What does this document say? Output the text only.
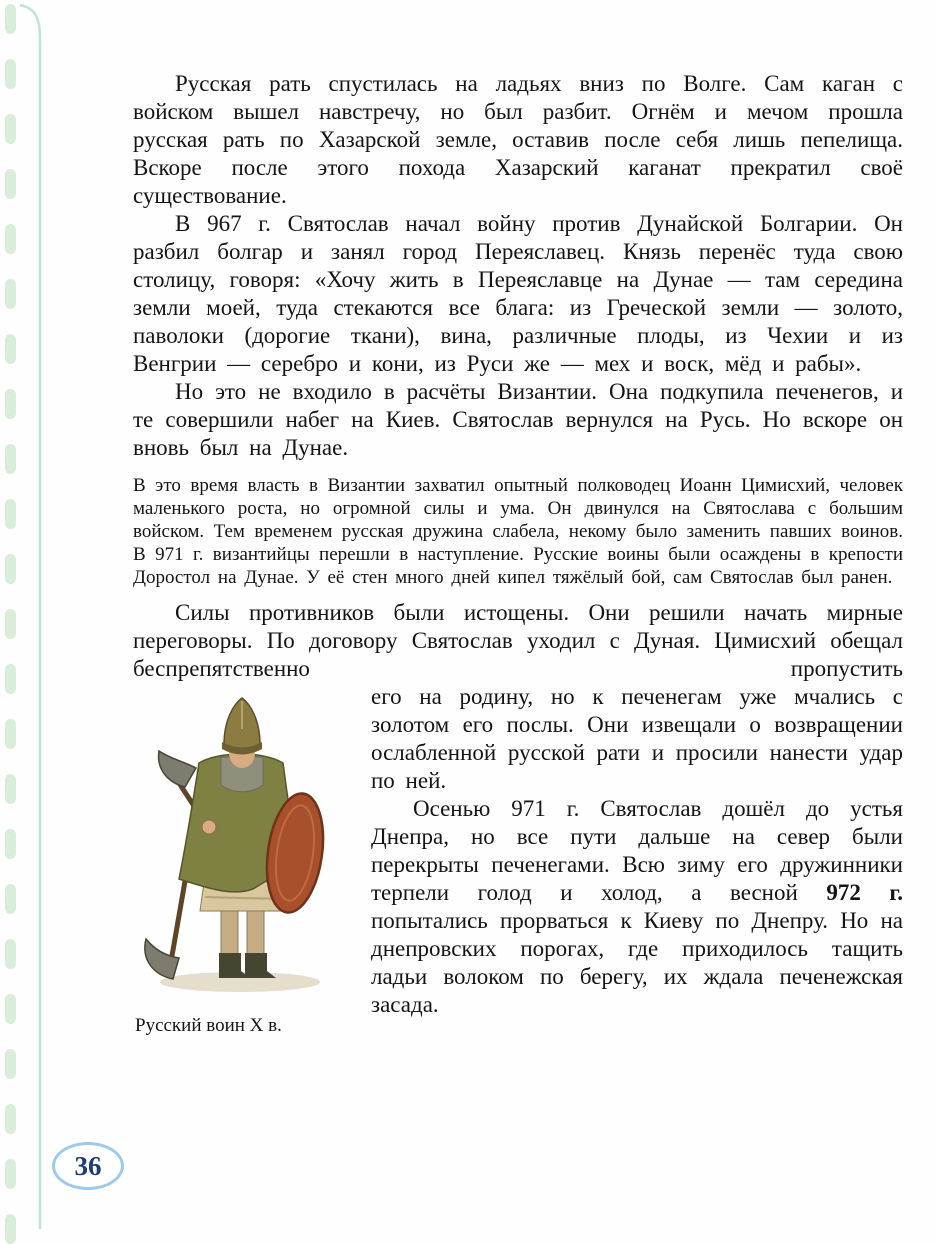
Русская рать спустилась на ладьях вниз по Волге. Сам каган с войском вышел навстречу, но был разбит. Огнём и мечом прошла русская рать по Хазарской земле, оставив после себя лишь пепелища. Вскоре после этого похода Хазарский каганат прекратил своё существование.

В 967 г. Святослав начал войну против Дунайской Болгарии. Он разбил болгар и занял город Переяславец. Князь перенёс туда свою столицу, говоря: «Хочу жить в Переяславце на Дунае — там середина земли моей, туда стекаются все блага: из Греческой земли — золото, паволоки (дорогие ткани), вина, различные плоды, из Чехии и из Венгрии — серебро и кони, из Руси же — мех и воск, мёд и рабы».

Но это не входило в расчёты Византии. Она подкупила печенегов, и те совершили набег на Киев. Святослав вернулся на Русь. Но вскоре он вновь был на Дунае.

В это время власть в Византии захватил опытный полководец Иоанн Цимисхий, человек маленького роста, но огромной силы и ума. Он двинулся на Святослава с большим войском. Тем временем русская дружина слабела, некому было заменить павших воинов. В 971 г. византийцы перешли в наступление. Русские воины были осаждены в крепости Доростол на Дунае. У её стен много дней кипел тяжёлый бой, сам Святослав был ранен.

Силы противников были истощены. Они решили начать мирные переговоры. По договору Святослав уходил с Дуная. Цимисхий обещал беспрепятственно пропустить

Русский воин X в.

его на родину, но к печенегам уже мчались с золотом его послы. Они извещали о возвращении ослабленной русской рати и просили нанести удар по ней.

Осенью 971 г. Святослав дошёл до устья Днепра, но все пути дальше на север были перекрыты печенегами. Всю зиму его дружинники терпели голод и холод, а весной 972 г. попытались прорваться к Киеву по Днепру. Но на днепровских порогах, где приходилось тащить ладьи волоком по берегу, их ждала печенежская засада.

36
